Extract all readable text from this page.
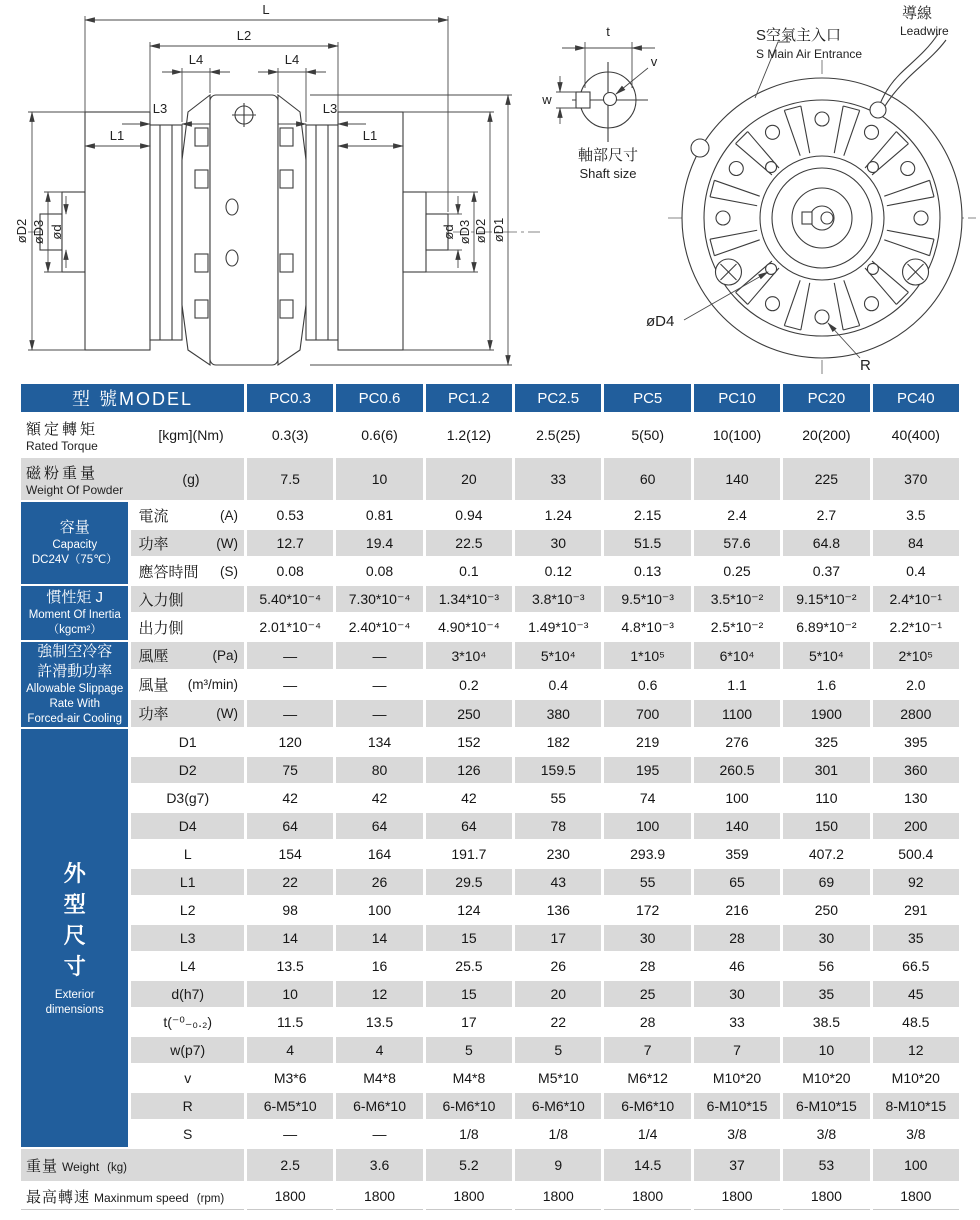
L
L2
L4	L4
L3	L3
L1	L1
øD2 øD3 ød	ød øD3 øD2 øD1
t
w
v
軸部尺寸
Shaft size
導線
Leadwire
S空氣主入口
S Main Air Entrance
øD4
R
型 號MODEL		PC0.3	PC0.6	PC1.2	PC2.5	PC5	PC10	PC20	PC40

額定轉矩
Rated Torque
[kgm](Nm)		0.3(3)	0.6(6)	1.2(12)	2.5(25)	5(50)	10(100)	20(200)	40(400)

磁粉重量
Weight Of Powder
(g)		7.5	10	20	33	60	140	225	370

容量
Capacity
DC24V（75℃）

電流	(A)	0.53	0.81	0.94	1.24	2.15	2.4	2.7	3.5

	功率 (W)	12.7	19.4	22.5	30	51.5	57.6	64.8	84

	應答時間 (S)	0.08	0.08	0.1	0.12	0.13	0.25	0.37	0.4

慣性矩 J
Moment Of Inertia
（kgcm²）	入力側	5.40*10⁻⁴	7.30*10⁻⁴	1.34*10⁻³	3.8*10⁻³	9.5*10⁻³	3.5*10⁻²	9.15*10⁻²	2.4*10⁻¹

	出力側	2.01*10⁻⁴	2.40*10⁻⁴	4.90*10⁻⁴	1.49*10⁻³	4.8*10⁻³	2.5*10⁻²	6.89*10⁻²	2.2*10⁻¹

強制空冷容
許滑動功率
Allowable Slippage
Rate With
Forced-air Cooling

風壓	(Pa)	—	—	3*10⁴	5*10⁴	1*10⁵	6*10⁴	5*10⁴	2*10⁵

	風量 (m³/min)	—	—	0.2	0.4	0.6	1.1	1.6	2.0

	功率 (W)	—	—	250	380	700	1100	1900	2800

外
型
尺
寸
Exterior
dimensions
	D1	120	134	152	182	219	276	325	395
	D2	75	80	126	159.5	195	260.5	301	360
	D3(g7)	42	42	42	55	74	100	110	130
	D4	64	64	64	78	100	140	150	200
	L	154	164	191.7	230	293.9	359	407.2	500.4
	L1	22	26	29.5	43	55	65	69	92
	L2	98	100	124	136	172	216	250	291
	L3	14	14	15	17	30	28	30	35
	L4	13.5	16	25.5	26	28	46	56	66.5
	d(h7)	10	12	15	20	25	30	35	45
	t(⁻⁰₋₀.₂)	11.5	13.5	17	22	28	33	38.5	48.5
	w(p7)	4	4	5	5	7	7	10	12
	v	M3*6	M4*8	M4*8	M5*10	M6*12	M10*20	M10*20	M10*20
	R	6-M5*10	6-M6*10	6-M6*10	6-M6*10	6-M6*10	6-M10*15	6-M10*15	8-M10*15
	S	—	—	1/8	1/8	1/4	3/8	3/8	3/8

重量 Weight (kg)		2.5	3.6	5.2	9	14.5	37	53	100

最高轉速 Maxinmum speed (rpm)		1800	1800	1800	1800	1800	1800	1800	1800
